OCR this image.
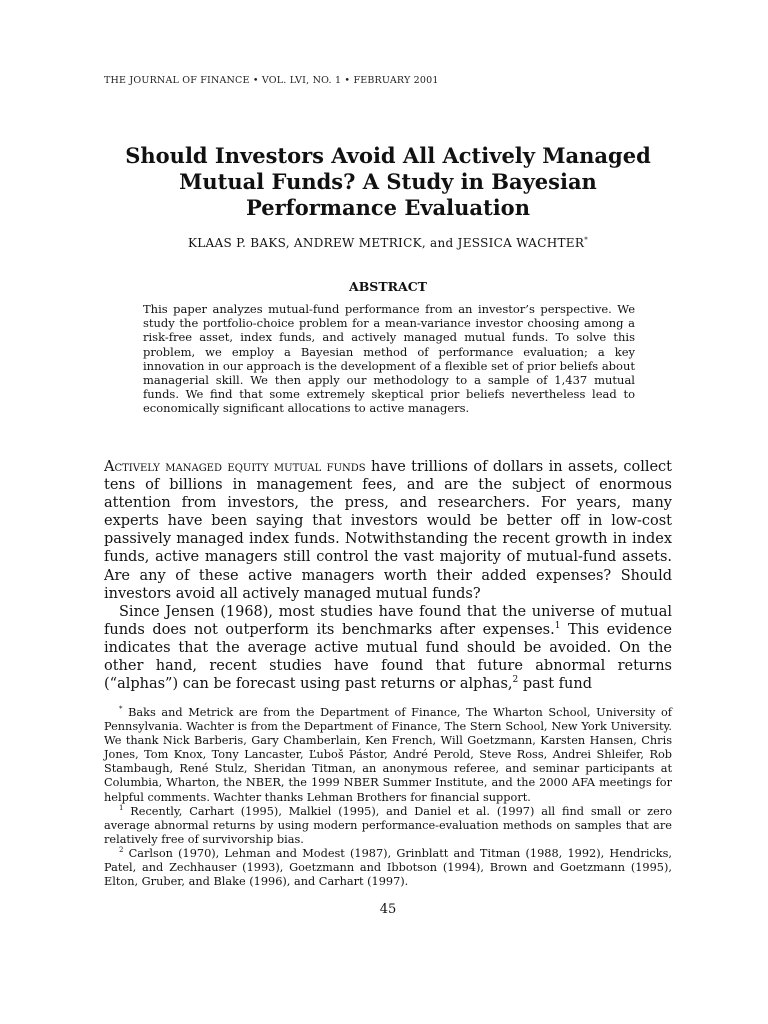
THE JOURNAL OF FINANCE • VOL. LVI, NO. 1 • FEBRUARY 2001
Should Investors Avoid All Actively Managed
Mutual Funds? A Study in Bayesian
Performance Evaluation
KLAAS P. BAKS, ANDREW METRICK, and JESSICA WACHTER*
ABSTRACT
This paper analyzes mutual-fund performance from an investor’s perspective. We study the portfolio-choice problem for a mean-variance investor choosing among a risk-free asset, index funds, and actively managed mutual funds. To solve this problem, we employ a Bayesian method of performance evaluation; a key innovation in our approach is the development of a flexible set of prior beliefs about managerial skill. We then apply our methodology to a sample of 1,437 mutual funds. We find that some extremely skeptical prior beliefs nevertheless lead to economically significant allocations to active managers.

Actively managed equity mutual funds have trillions of dollars in assets, collect tens of billions in management fees, and are the subject of enormous attention from investors, the press, and researchers. For years, many experts have been saying that investors would be better off in low-cost passively managed index funds. Notwithstanding the recent growth in index funds, active managers still control the vast majority of mutual-fund assets. Are any of these active managers worth their added expenses? Should investors avoid all actively managed mutual funds?

Since Jensen (1968), most studies have found that the universe of mutual funds does not outperform its benchmarks after expenses.$^1$ This evidence indicates that the average active mutual fund should be avoided. On the other hand, recent studies have found that future abnormal returns (“alphas”) can be forecast using past returns or alphas,$^2$ past fund

* Baks and Metrick are from the Department of Finance, The Wharton School, University of Pennsylvania. Wachter is from the Department of Finance, The Stern School, New York University. We thank Nick Barberis, Gary Chamberlain, Ken French, Will Goetzmann, Karsten Hansen, Chris Jones, Tom Knox, Tony Lancaster, Ľuboš Pástor, André Perold, Steve Ross, Andrei Shleifer, Rob Stambaugh, René Stulz, Sheridan Titman, an anonymous referee, and seminar participants at Columbia, Wharton, the NBER, the 1999 NBER Summer Institute, and the 2000 AFA meetings for helpful comments. Wachter thanks Lehman Brothers for financial support.

$^1$ Recently, Carhart (1995), Malkiel (1995), and Daniel et al. (1997) all find small or zero average abnormal returns by using modern performance-evaluation methods on samples that are relatively free of survivorship bias.

$^2$ Carlson (1970), Lehman and Modest (1987), Grinblatt and Titman (1988, 1992), Hendricks, Patel, and Zechhauser (1993), Goetzmann and Ibbotson (1994), Brown and Goetzmann (1995), Elton, Gruber, and Blake (1996), and Carhart (1997).

45
